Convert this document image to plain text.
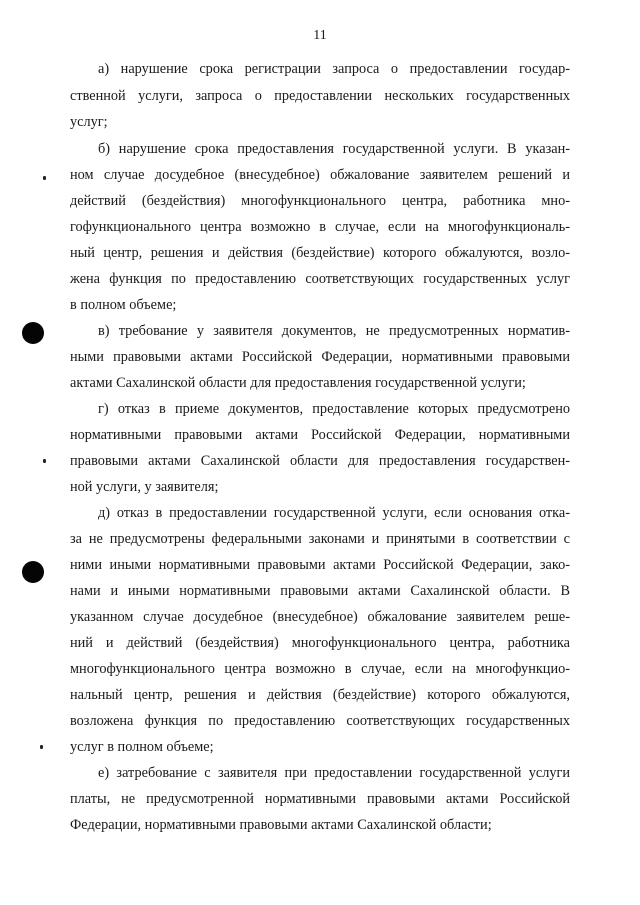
11
а) нарушение срока регистрации запроса о предоставлении государ-
ственной услуги, запроса о предоставлении нескольких государственных
услуг;
б) нарушение срока предоставления государственной услуги. В указан-
ном случае досудебное (внесудебное) обжалование заявителем решений и
действий (бездействия) многофункционального центра, работника мно-
гофункционального центра возможно в случае, если на многофункциональ-
ный центр, решения и действия (бездействие) которого обжалуются, возло-
жена функция по предоставлению соответствующих государственных услуг
в полном объеме;
в) требование у заявителя документов, не предусмотренных норматив-
ными правовыми актами Российской Федерации, нормативными правовыми
актами Сахалинской области для предоставления государственной услуги;
г) отказ в приеме документов, предоставление которых предусмотрено
нормативными правовыми актами Российской Федерации, нормативными
правовыми актами Сахалинской области для предоставления государствен-
ной услуги, у заявителя;
д) отказ в предоставлении государственной услуги, если основания отка-
за не предусмотрены федеральными законами и принятыми в соответствии с
ними иными нормативными правовыми актами Российской Федерации, зако-
нами и иными нормативными правовыми актами Сахалинской области. В
указанном случае досудебное (внесудебное) обжалование заявителем реше-
ний и действий (бездействия) многофункционального центра, работника
многофункционального центра возможно в случае, если на многофункцио-
нальный центр, решения и действия (бездействие) которого обжалуются,
возложена функция по предоставлению соответствующих государственных
услуг в полном объеме;
е) затребование с заявителя при предоставлении государственной услуги
платы, не предусмотренной нормативными правовыми актами Российской
Федерации, нормативными правовыми актами Сахалинской области;
